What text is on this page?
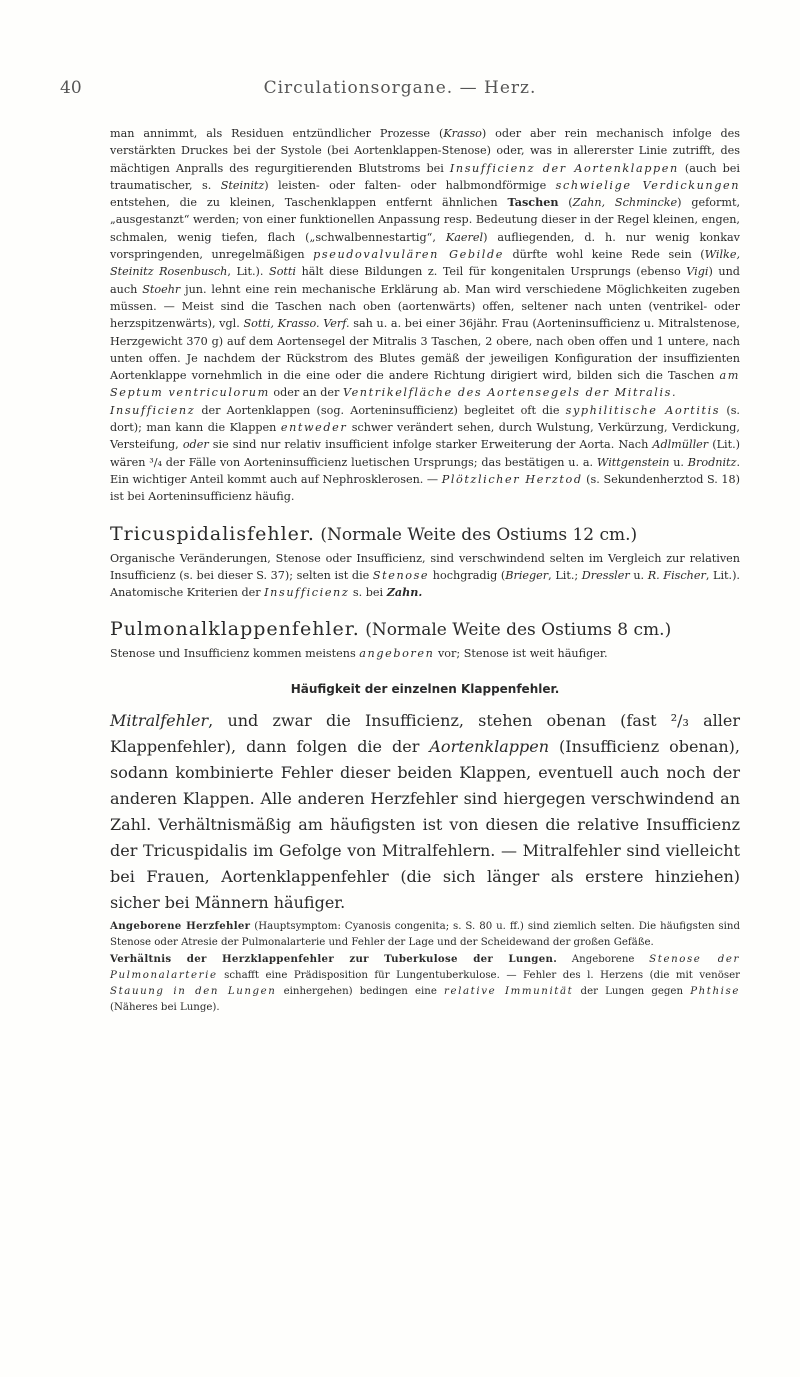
40	Circulationsorgane. — Herz.

man annimmt, als Residuen entzündlicher Prozesse (Krasso) oder aber rein mechanisch infolge des verstärkten Druckes bei der Systole (bei Aortenklappen-Stenose) oder, was in allererster Linie zutrifft, des mächtigen Anpralls des regurgitierenden Blutstroms bei Insufficienz der Aortenklappen (auch bei traumatischer, s. Steinitz) leisten- oder falten- oder halbmondförmige schwielige Verdickungen entstehen, die zu kleinen, Taschenklappen entfernt ähnlichen Taschen (Zahn, Schmincke) geformt, „ausgestanzt“ werden; von einer funktionellen Anpassung resp. Bedeutung dieser in der Regel kleinen, engen, schmalen, wenig tiefen, flach („schwalbennestartig“, Kaerel) aufliegenden, d. h. nur wenig konkav vorspringenden, unregelmäßigen pseudovalvulären Gebilde dürfte wohl keine Rede sein (Wilke, Steinitz Rosenbusch, Lit.). Sotti hält diese Bildungen z. Teil für kongenitalen Ursprungs (ebenso Vigi) und auch Stoehr jun. lehnt eine rein mechanische Erklärung ab. Man wird verschiedene Möglichkeiten zugeben müssen. — Meist sind die Taschen nach oben (aortenwärts) offen, seltener nach unten (ventrikel- oder herzspitzenwärts), vgl. Sotti, Krasso. Verf. sah u. a. bei einer 36jähr. Frau (Aorteninsufficienz u. Mitralstenose, Herzgewicht 370 g) auf dem Aortensegel der Mitralis 3 Taschen, 2 obere, nach oben offen und 1 untere, nach unten offen. Je nachdem der Rückstrom des Blutes gemäß der jeweiligen Konfiguration der insuffizienten Aortenklappe vornehmlich in die eine oder die andere Richtung dirigiert wird, bilden sich die Taschen am Septum ventriculorum oder an der Ventrikelfläche des Aortensegels der Mitralis.

Insufficienz der Aortenklappen (sog. Aorteninsufficienz) begleitet oft die syphilitische Aortitis (s. dort); man kann die Klappen entweder schwer verändert sehen, durch Wulstung, Verkürzung, Verdickung, Versteifung, oder sie sind nur relativ insufficient infolge starker Erweiterung der Aorta. Nach Adlmüller (Lit.) wären ³/₄ der Fälle von Aorteninsufficienz luetischen Ursprungs; das bestätigen u. a. Wittgenstein u. Brodnitz. Ein wichtiger Anteil kommt auch auf Nephrosklerosen. — Plötzlicher Herztod (s. Sekundenherztod S. 18) ist bei Aorteninsufficienz häufig.

Tricuspidalisfehler. (Normale Weite des Ostiums 12 cm.)

Organische Veränderungen, Stenose oder Insufficienz, sind verschwindend selten im Vergleich zur relativen Insufficienz (s. bei dieser S. 37); selten ist die Stenose hochgradig (Brieger, Lit.; Dressler u. R. Fischer, Lit.). Anatomische Kriterien der Insufficienz s. bei Zahn.

Pulmonalklappenfehler. (Normale Weite des Ostiums 8 cm.)

Stenose und Insufficienz kommen meistens angeboren vor; Stenose ist weit häufiger.

Häufigkeit der einzelnen Klappenfehler.

Mitralfehler, und zwar die Insufficienz, stehen obenan (fast ²/₃ aller Klappenfehler), dann folgen die der Aortenklappen (Insufficienz obenan), sodann kombinierte Fehler dieser beiden Klappen, eventuell auch noch der anderen Klappen. Alle anderen Herzfehler sind hiergegen verschwindend an Zahl. Verhältnismäßig am häufigsten ist von diesen die relative Insufficienz der Tricuspidalis im Gefolge von Mitralfehlern. — Mitralfehler sind vielleicht bei Frauen, Aortenklappenfehler (die sich länger als erstere hinziehen) sicher bei Männern häufiger.

Angeborene Herzfehler (Hauptsymptom: Cyanosis congenita; s. S. 80 u. ff.) sind ziemlich selten. Die häufigsten sind Stenose oder Atresie der Pulmonalarterie und Fehler der Lage und der Scheidewand der großen Gefäße.

Verhältnis der Herzklappenfehler zur Tuberkulose der Lungen. Angeborene Stenose der Pulmonalarterie schafft eine Prädisposition für Lungentuberkulose. — Fehler des l. Herzens (die mit venöser Stauung in den Lungen einhergehen) bedingen eine relative Immunität der Lungen gegen Phthise (Näheres bei Lunge).
